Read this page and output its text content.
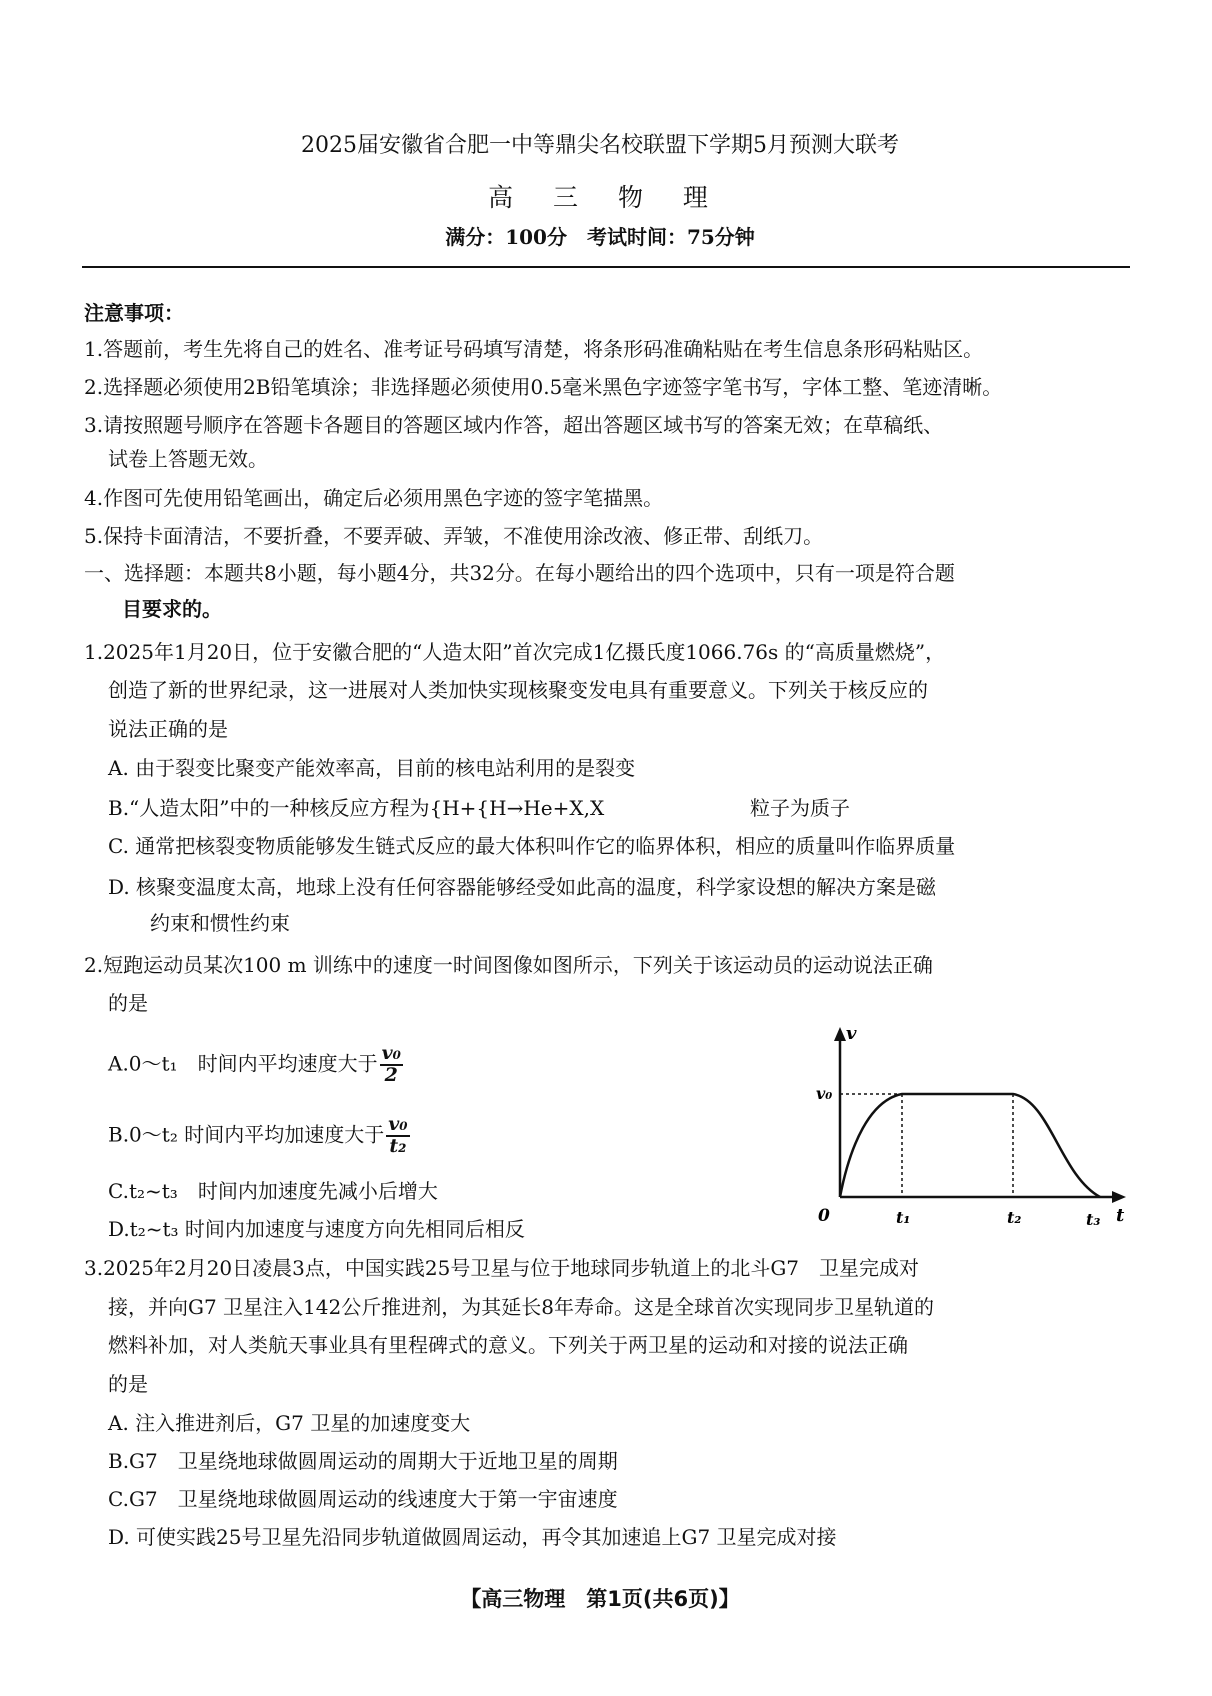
2025届安徽省合肥一中等鼎尖名校联盟下学期5月预测大联考
高 三 物 理
满分：100分　考试时间：75分钟
注意事项：
1.答题前，考生先将自己的姓名、准考证号码填写清楚，将条形码准确粘贴在考生信息条形码粘贴区。
2.选择题必须使用2B铅笔填涂；非选择题必须使用0.5毫米黑色字迹签字笔书写，字体工整、笔迹清晰。
3.请按照题号顺序在答题卡各题目的答题区域内作答，超出答题区域书写的答案无效；在草稿纸、
试卷上答题无效。
4.作图可先使用铅笔画出，确定后必须用黑色字迹的签字笔描黑。
5.保持卡面清洁，不要折叠，不要弄破、弄皱，不准使用涂改液、修正带、刮纸刀。
一、选择题：本题共8小题，每小题4分，共32分。在每小题给出的四个选项中，只有一项是符合题
目要求的。
1.2025年1月20日，位于安徽合肥的“人造太阳”首次完成1亿摄氏度1066.76s 的“高质量燃烧”，
创造了新的世界纪录，这一进展对人类加快实现核聚变发电具有重要意义。下列关于核反应的
说法正确的是
A. 由于裂变比聚变产能效率高，目前的核电站利用的是裂变
B.“人造太阳”中的一种核反应方程为{H+{H→He+X,X	粒子为质子
C. 通常把核裂变物质能够发生链式反应的最大体积叫作它的临界体积，相应的质量叫作临界质量
D. 核聚变温度太高，地球上没有任何容器能够经受如此高的温度，科学家设想的解决方案是磁
约束和惯性约束
2.短跑运动员某次100 m 训练中的速度一时间图像如图所示，下列关于该运动员的运动说法正确
的是
A.0～t₁　时间内平均速度大于 $\frac{\text{v₀}}{2}$
B.0～t₂ 时间内平均加速度大于 $\frac{\text{v₀}}{\text{t₂}}$
C.t₂~t₃　时间内加速度先减小后增大
D.t₂~t₃ 时间内加速度与速度方向先相同后相反
v
v₀
0	t
t₁	t₂	t₃
3.2025年2月20日凌晨3点，中国实践25号卫星与位于地球同步轨道上的北斗G7　卫星完成对
接，并向G7 卫星注入142公斤推进剂，为其延长8年寿命。这是全球首次实现同步卫星轨道的
燃料补加，对人类航天事业具有里程碑式的意义。下列关于两卫星的运动和对接的说法正确
的是
A. 注入推进剂后，G7 卫星的加速度变大
B.G7　卫星绕地球做圆周运动的周期大于近地卫星的周期
C.G7　卫星绕地球做圆周运动的线速度大于第一宇宙速度
D. 可使实践25号卫星先沿同步轨道做圆周运动，再令其加速追上G7 卫星完成对接
【高三物理　第1页(共6页)】
